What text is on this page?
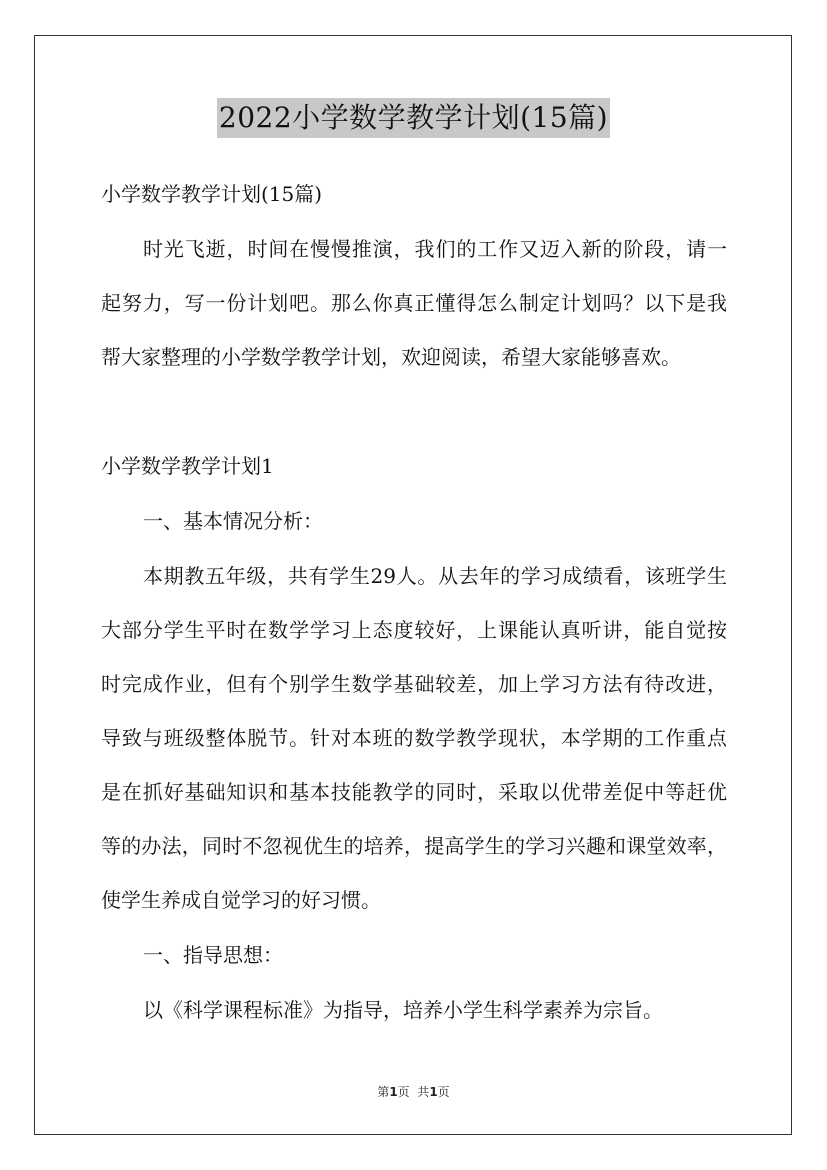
2022小学数学教学计划(15篇)
小学数学教学计划(15篇)
时光飞逝，时间在慢慢推演，我们的工作又迈入新的阶段，请一
起努力，写一份计划吧。那么你真正懂得怎么制定计划吗？以下是我
帮大家整理的小学数学教学计划，欢迎阅读，希望大家能够喜欢。
小学数学教学计划1
一、基本情况分析：
本期教五年级，共有学生29人。从去年的学习成绩看，该班学生
大部分学生平时在数学学习上态度较好，上课能认真听讲，能自觉按
时完成作业，但有个别学生数学基础较差，加上学习方法有待改进，
导致与班级整体脱节。针对本班的数学教学现状，本学期的工作重点
是在抓好基础知识和基本技能教学的同时，采取以优带差促中等赶优
等的办法，同时不忽视优生的培养，提高学生的学习兴趣和课堂效率，
使学生养成自觉学习的好习惯。
一、指导思想：
以《科学课程标准》为指导，培养小学生科学素养为宗旨。
第1页  共1页
